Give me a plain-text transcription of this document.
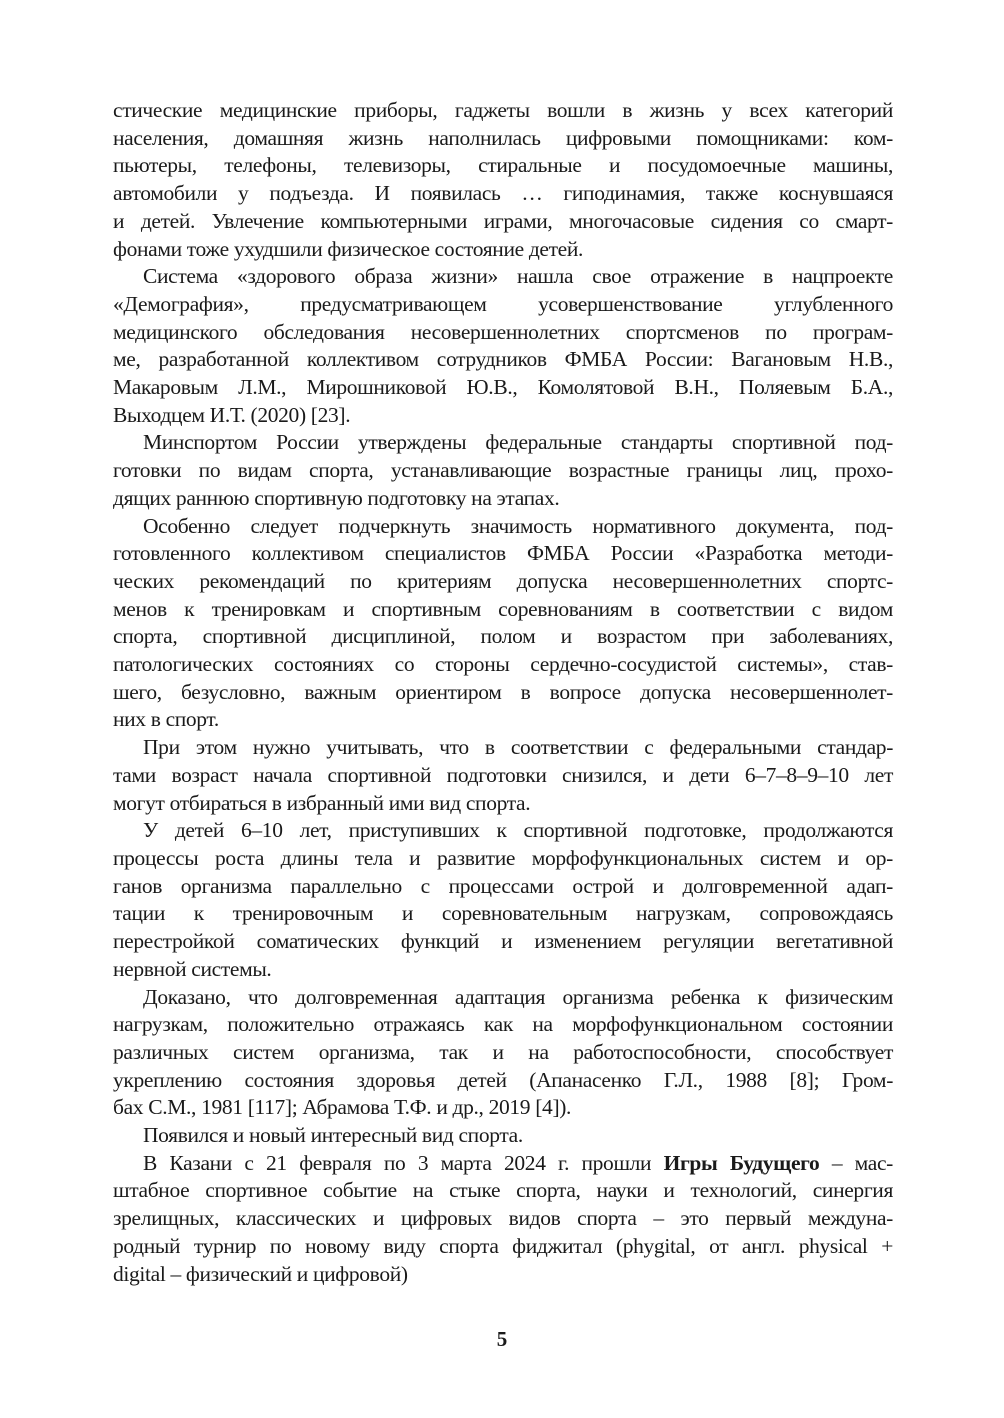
стические медицинские приборы, гаджеты вошли в жизнь у всех категорий
населения, домашняя жизнь наполнилась цифровыми помощниками: ком-
пьютеры, телефоны, телевизоры, стиральные и посудомоечные машины,
автомобили у подъезда. И появилась … гиподинамия, также коснувшаяся
и детей. Увлечение компьютерными играми, многочасовые сидения со смарт-
фонами тоже ухудшили физическое состояние детей.
Система «здорового образа жизни» нашла свое отражение в нацпроекте
«Демография», предусматривающем усовершенствование углубленного
медицинского обследования несовершеннолетних спортсменов по програм-
ме, разработанной коллективом сотрудников ФМБА России: Вагановым Н.В.,
Макаровым Л.М., Мирошниковой Ю.В., Комолятовой В.Н., Поляевым Б.А.,
Выходцем И.Т. (2020) [23].
Минспортом России утверждены федеральные стандарты спортивной под-
готовки по видам спорта, устанавливающие возрастные границы лиц, прохо-
дящих раннюю спортивную подготовку на этапах.
Особенно следует подчеркнуть значимость нормативного документа, под-
готовленного коллективом специалистов ФМБА России «Разработка методи-
ческих рекомендаций по критериям допуска несовершеннолетних спортс-
менов к тренировкам и спортивным соревнованиям в соответствии с видом
спорта, спортивной дисциплиной, полом и возрастом при заболеваниях,
патологических состояниях со стороны сердечно-сосудистой системы», став-
шего, безусловно, важным ориентиром в вопросе допуска несовершеннолет-
них в спорт.
При этом нужно учитывать, что в соответствии с федеральными стандар-
тами возраст начала спортивной подготовки снизился, и дети 6–7–8–9–10 лет
могут отбираться в избранный ими вид спорта.
У детей 6–10 лет, приступивших к спортивной подготовке, продолжаются
процессы роста длины тела и развитие морфофункциональных систем и ор-
ганов организма параллельно с процессами острой и долговременной адап-
тации к тренировочным и соревновательным нагрузкам, сопровождаясь
перестройкой соматических функций и изменением регуляции вегетативной
нервной системы.
Доказано, что долговременная адаптация организма ребенка к физическим
нагрузкам, положительно отражаясь как на морфофункциональном состоянии
различных систем организма, так и на работоспособности, способствует
укреплению состояния здоровья детей (Апанасенко Г.Л., 1988 [8]; Гром-
бах С.М., 1981 [117]; Абрамова Т.Ф. и др., 2019 [4]).
Появился и новый интересный вид спорта.
В Казани с 21 февраля по 3 марта 2024 г. прошли Игры Будущего – мас-
штабное спортивное событие на стыке спорта, науки и технологий, синергия
зрелищных, классических и цифровых видов спорта – это первый междуна-
родный турнир по новому виду спорта фиджитал (phygital, от англ. physical +
digital – физический и цифровой)
5
